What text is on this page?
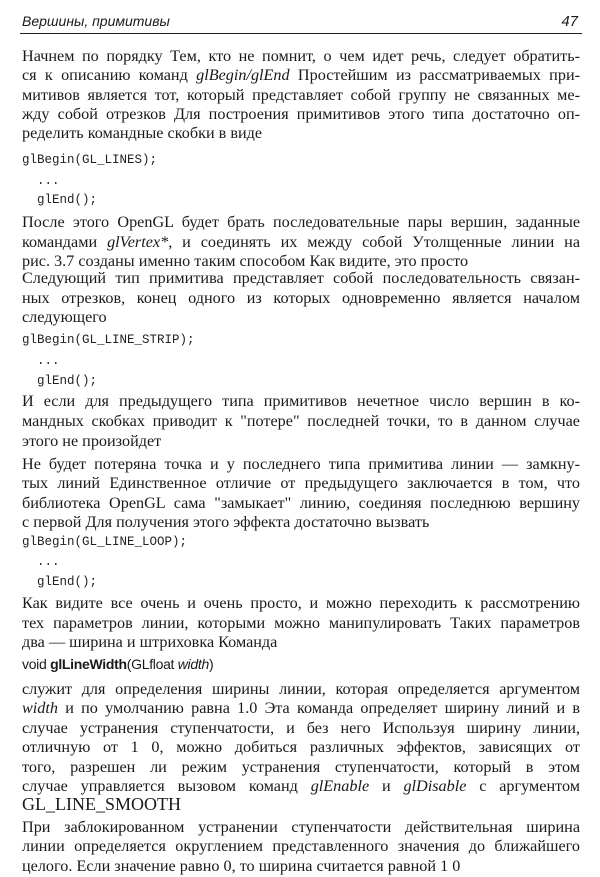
Вершины, примитивы	47
Начнем по порядку Тем, кто не помнит, о чем идет речь, следует обратить-
ся к описанию команд glBegin/glEnd Простейшим из рассматриваемых при-
митивов является тот, который представляет собой группу не связанных ме-
жду собой отрезков Для построения примитивов этого типа достаточно оп-
ределить командные скобки в виде
glBegin(GL_LINES);
...
glEnd();
После этого OpenGL будет брать последовательные пары вершин, заданные
командами glVertex*, и соединять их между собой Утолщенные линии на
рис. 3.7 созданы именно таким способом Как видите, это просто
Следующий тип примитива представляет собой последовательность связан-
ных отрезков, конец одного из которых одновременно является началом
следующего
glBegin(GL_LINE_STRIP);
...
glEnd();
И если для предыдущего типа примитивов нечетное число вершин в ко-
мандных скобках приводит к "потере" последней точки, то в данном случае
этого не произойдет
Не будет потеряна точка и у последнего типа примитива линии — замкну-
тых линий Единственное отличие от предыдущего заключается в том, что
библиотека OpenGL сама "замыкает" линию, соединяя последнюю вершину
с первой Для получения этого эффекта достаточно вызвать
glBegin(GL_LINE_LOOP);
...
glEnd();
Как видите все очень и очень просто, и можно переходить к рассмотрению
тех параметров линии, которыми можно манипулировать Таких параметров
два — ширина и штриховка Команда
void glLineWidth(GLfloat width)
служит для определения ширины линии, которая определяется аргументом
width и по умолчанию равна 1.0 Эта команда определяет ширину линий и в
случае устранения ступенчатости, и без него Используя ширину линии,
отличную от 1 0, можно добиться различных эффектов, зависящих от
того, разрешен ли режим устранения ступенчатости, который в этом
случае управляется вызовом команд glEnable и glDisable с аргументом
GL_LINE_SMOOTH
При заблокированном устранении ступенчатости действительная ширина
линии определяется округлением представленного значения до ближайшего
целого. Если значение равно 0, то ширина считается равной 1 0
